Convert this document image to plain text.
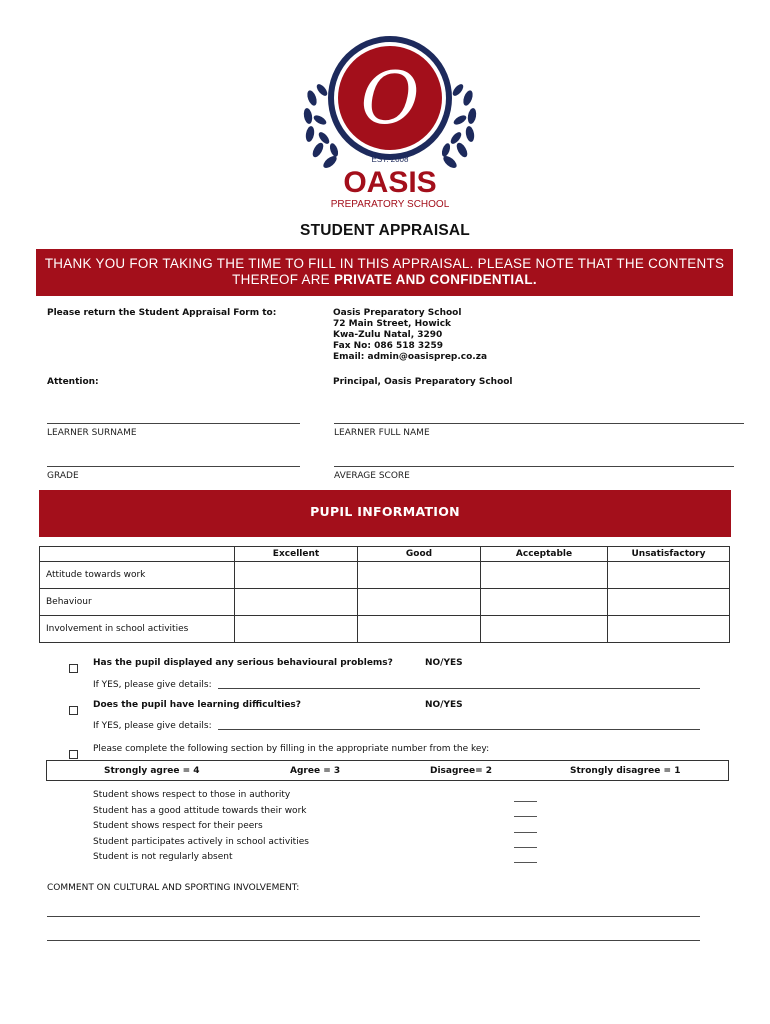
O
EST. 2008
OASIS
PREPARATORY SCHOOL
STUDENT APPRAISAL
THANK YOU FOR TAKING THE TIME TO FILL IN THIS APPRAISAL. PLEASE NOTE THAT THE CONTENTS
THEREOF ARE PRIVATE AND CONFIDENTIAL.
Please return the Student Appraisal Form to:	Oasis Preparatory School
72 Main Street, Howick
Kwa-Zulu Natal, 3290
Fax No: 086 518 3259
Email: admin@oasisprep.co.za
Attention:	Principal, Oasis Preparatory School
LEARNER SURNAME	LEARNER FULL NAME
GRADE	AVERAGE SCORE
PUPIL INFORMATION
	Excellent	Good	Acceptable	Unsatisfactory
Attitude towards work				
Behaviour				
Involvement in school activities				
Has the pupil displayed any serious behavioural problems?	NO/YES
If YES, please give details:
Does the pupil have learning difficulties?	NO/YES
If YES, please give details:
Please complete the following section by filling in the appropriate number from the key:
Strongly agree = 4	Agree = 3	Disagree= 2	Strongly disagree = 1
Student shows respect to those in authority
Student has a good attitude towards their work
Student shows respect for their peers
Student participates actively in school activities
Student is not regularly absent
COMMENT ON CULTURAL AND SPORTING INVOLVEMENT:
